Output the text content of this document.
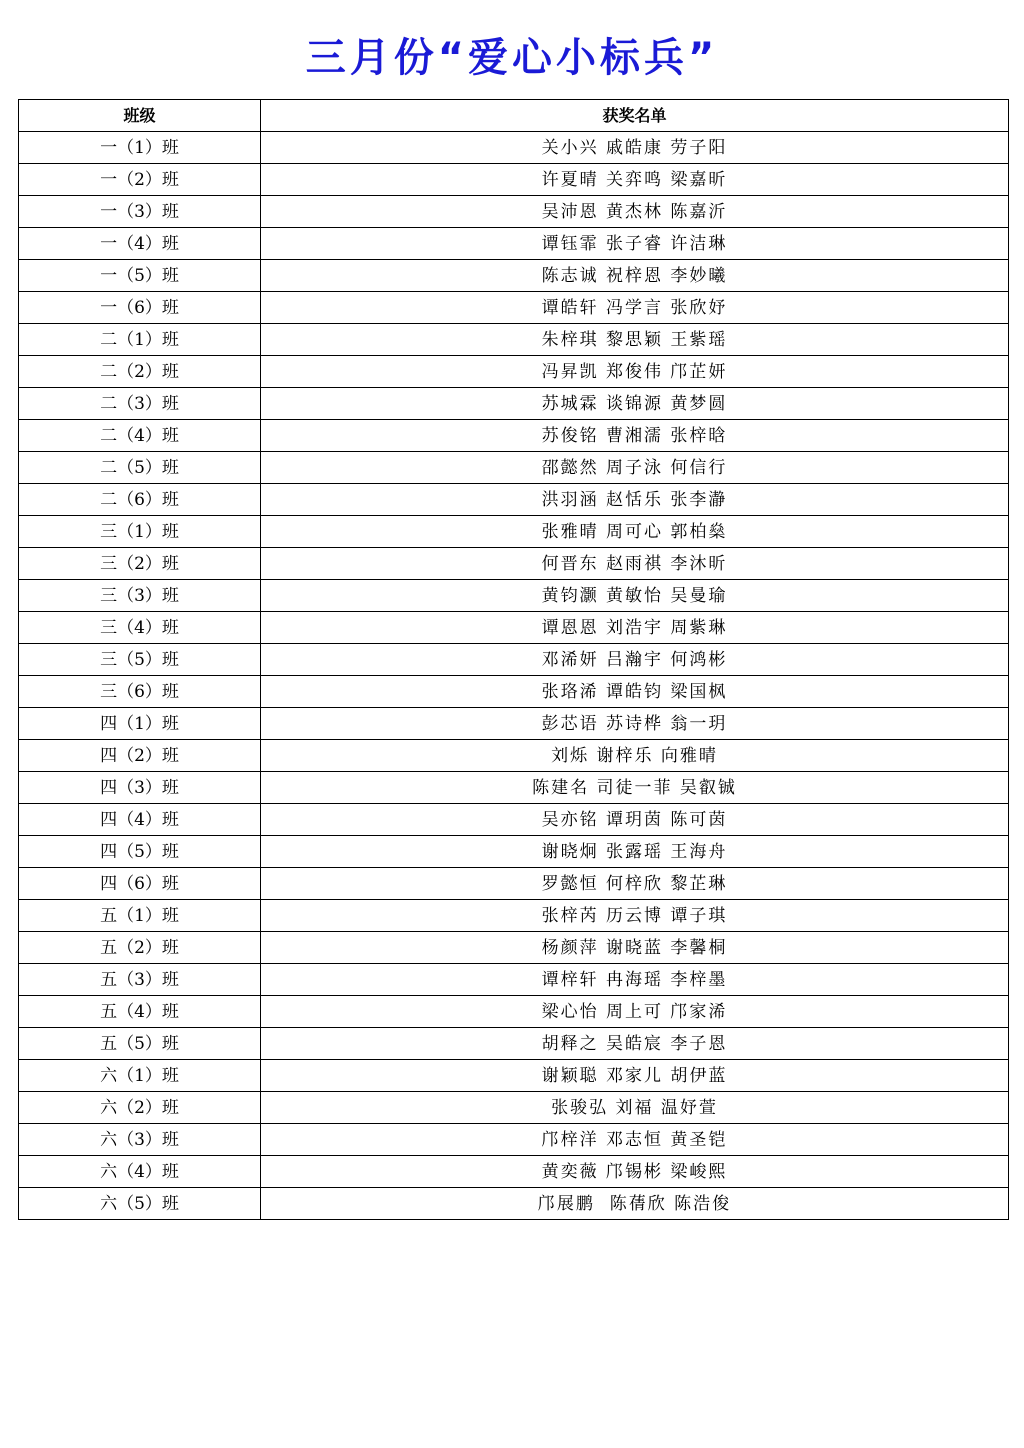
三月份“爱心小标兵”
班级	获奖名单
一（1）班	关小兴 戚皓康 劳子阳
一（2）班	许夏晴 关弈鸣 梁嘉昕
一（3）班	吴沛恩 黄杰林 陈嘉沂
一（4）班	谭钰霏 张子睿 许洁琳
一（5）班	陈志诚 祝梓恩 李妙曦
一（6）班	谭皓轩 冯学言 张欣妤
二（1）班	朱梓琪 黎思颖 王紫瑶
二（2）班	冯昇凯 郑俊伟 邝芷妍
二（3）班	苏城霖 谈锦源 黄梦圆
二（4）班	苏俊铭 曹湘濡 张梓晗
二（5）班	邵懿然 周子泳 何信行
二（6）班	洪羽涵 赵恬乐 张李瀞
三（1）班	张雅晴 周可心 郭柏燊
三（2）班	何晋东 赵雨祺 李沐昕
三（3）班	黄钧灏 黄敏怡 吴曼瑜
三（4）班	谭恩恩 刘浩宇 周紫琳
三（5）班	邓浠妍 吕瀚宇 何鸿彬
三（6）班	张珞浠 谭皓钧 梁国枫
四（1）班	彭芯语 苏诗桦 翁一玥
四（2）班	刘烁 谢梓乐 向雅晴
四（3）班	陈建名 司徒一菲 吴叡铖
四（4）班	吴亦铭 谭玥茵 陈可茵
四（5）班	谢晓炯 张露瑶 王海舟
四（6）班	罗懿恒 何梓欣 黎芷琳
五（1）班	张梓芮 历云博 谭子琪
五（2）班	杨颜萍 谢晓蓝 李馨桐
五（3）班	谭梓轩 冉海瑶 李梓墨
五（4）班	梁心怡 周上可 邝家浠
五（5）班	胡释之 吴皓宸 李子恩
六（1）班	谢颖聪 邓家儿 胡伊蓝
六（2）班	张骏弘 刘福 温妤萱
六（3）班	邝梓洋 邓志恒 黄圣铠
六（4）班	黄奕薇 邝锡彬 梁峻熙
六（5）班	邝展鹏  陈蒨欣 陈浩俊
